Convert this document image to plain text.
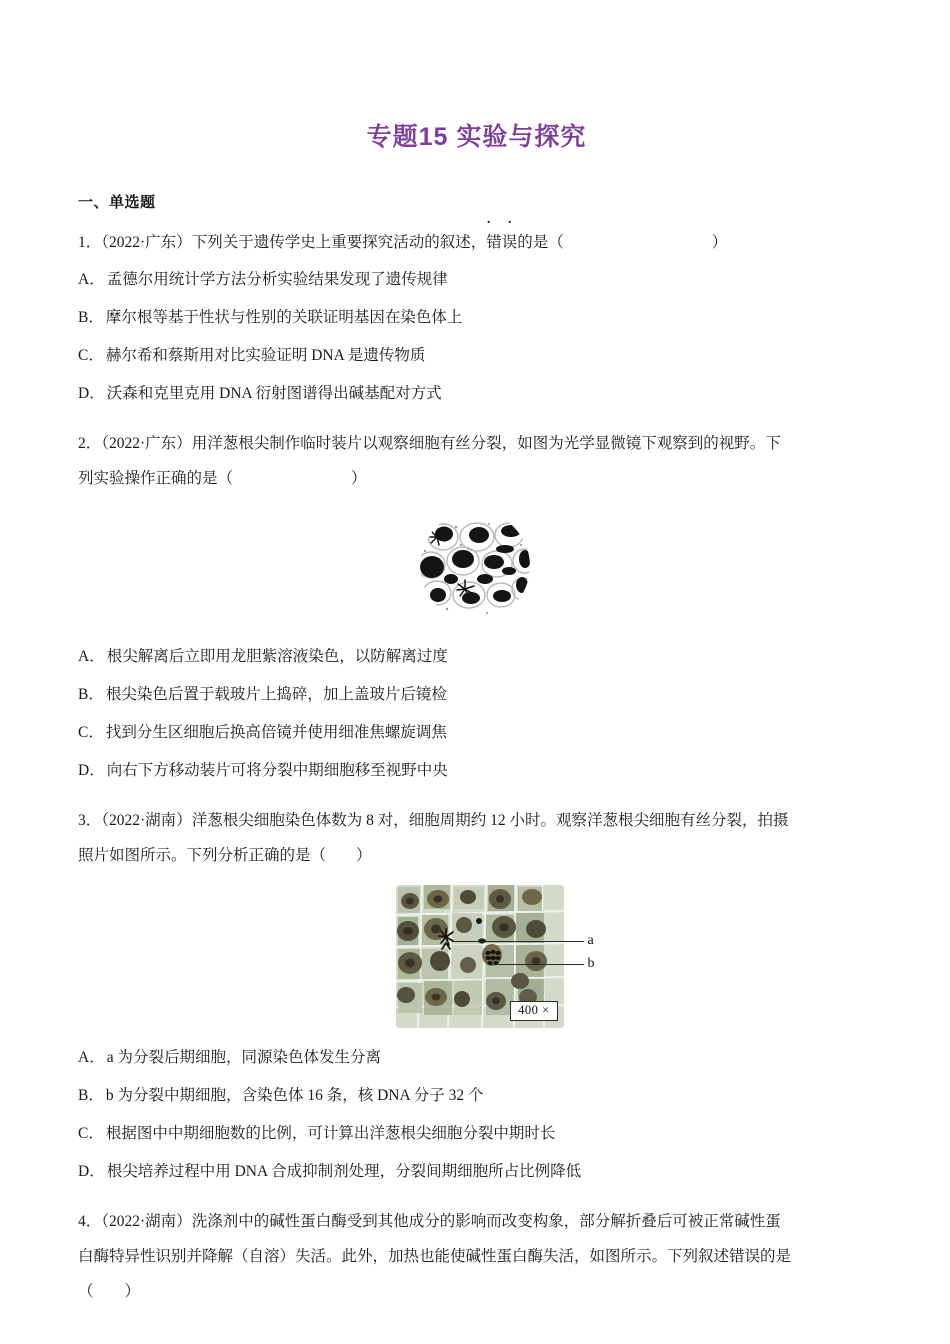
专题15 实验与探究
一、单选题
1．（2022·广东）下列关于遗传学史上重要探究活动的叙述，· · 错误的是（	）
A． 孟德尔用统计学方法分析实验结果发现了遗传规律
B． 摩尔根等基于性状与性别的关联证明基因在染色体上
C． 赫尔希和蔡斯用对比实验证明 DNA 是遗传物质
D． 沃森和克里克用 DNA 衍射图谱得出碱基配对方式
2．（2022·广东）用洋葱根尖制作临时装片以观察细胞有丝分裂，如图为光学显微镜下观察到的视野。下
列实验操作正确的是（	）
A． 根尖解离后立即用龙胆紫溶液染色，以防解离过度
B． 根尖染色后置于载玻片上捣碎，加上盖玻片后镜检
C． 找到分生区细胞后换高倍镜并使用细准焦螺旋调焦
D． 向右下方移动装片可将分裂中期细胞移至视野中央
3．（2022·湖南）洋葱根尖细胞染色体数为 8 对，细胞周期约 12 小时。观察洋葱根尖细胞有丝分裂，拍摄
照片如图所示。下列分析正确的是（ ）
a
b
400 ×
A． a 为分裂后期细胞，同源染色体发生分离
B． b 为分裂中期细胞，含染色体 16 条，核 DNA 分子 32 个
C． 根据图中中期细胞数的比例，可计算出洋葱根尖细胞分裂中期时长
D． 根尖培养过程中用 DNA 合成抑制剂处理，分裂间期细胞所占比例降低
4．（2022·湖南）洗涤剂中的碱性蛋白酶受到其他成分的影响而改变构象，部分解折叠后可被正常碱性蛋
白酶特异性识别并降解（自溶）失活。此外，加热也能使碱性蛋白酶失活，如图所示。下列叙述错误的是
（　　）
